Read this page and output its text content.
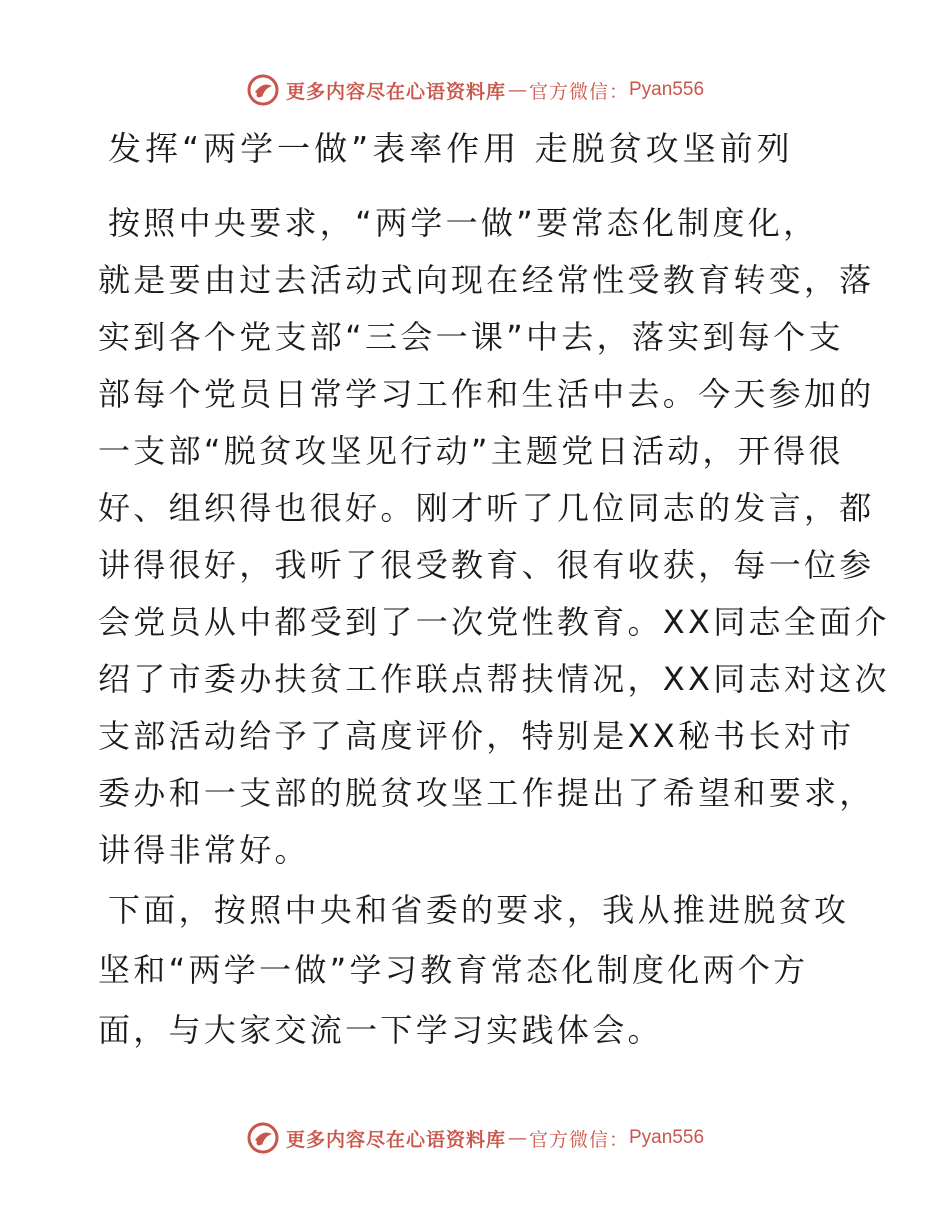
更多内容尽在心语资料库 — 官方微信： Pyan556
发挥“两学一做”表率作用 走脱贫攻坚前列
按照中央要求，“两学一做”要常态化制度化，
就是要由过去活动式向现在经常性受教育转变，落
实到各个党支部“三会一课”中去，落实到每个支
部每个党员日常学习工作和生活中去。今天参加的
一支部“脱贫攻坚见行动”主题党日活动，开得很
好、组织得也很好。刚才听了几位同志的发言，都
讲得很好，我听了很受教育、很有收获，每一位参
会党员从中都受到了一次党性教育。XX同志全面介
绍了市委办扶贫工作联点帮扶情况，XX同志对这次
支部活动给予了高度评价，特别是XX秘书长对市
委办和一支部的脱贫攻坚工作提出了希望和要求，
讲得非常好。
下面，按照中央和省委的要求，我从推进脱贫攻
坚和“两学一做”学习教育常态化制度化两个方
面，与大家交流一下学习实践体会。
更多内容尽在心语资料库 — 官方微信： Pyan556
